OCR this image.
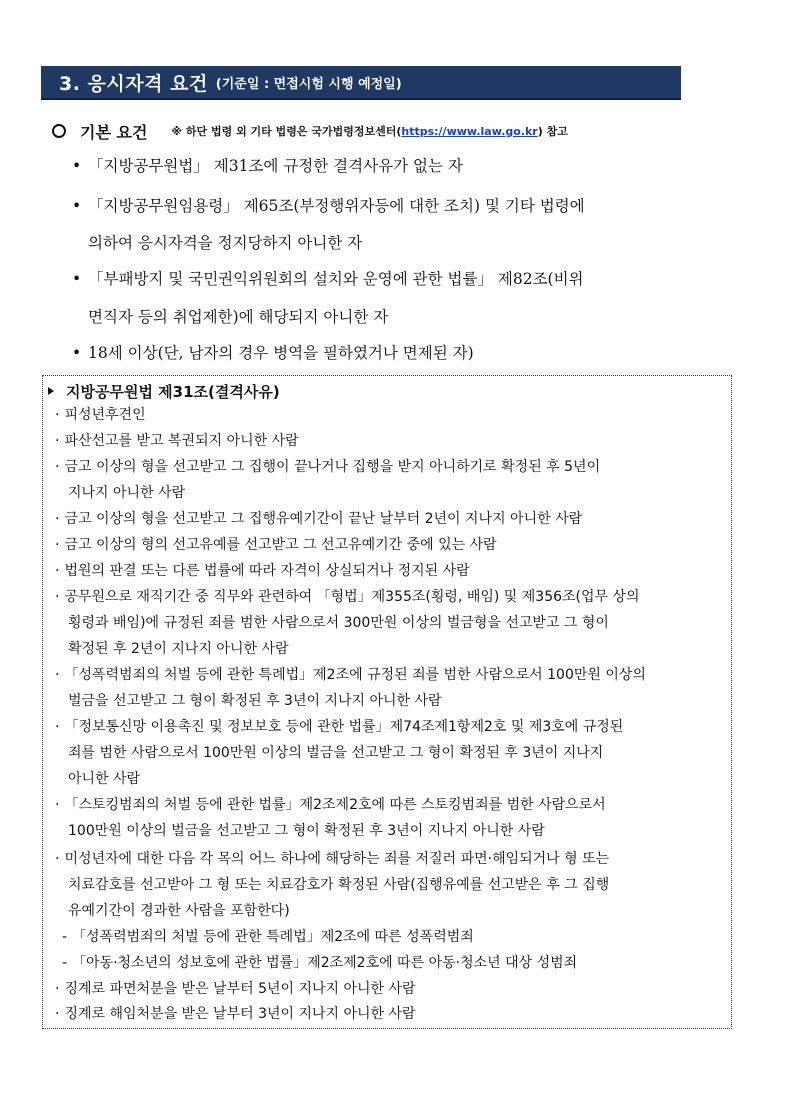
3. 응시자격 요건 (기준일 : 면접시험 시행 예정일)
기본 요건 ※ 하단 법령 외 기타 법령은 국가법령정보센터( https://www.law.go.kr ) 참고
• 「지방공무원법」 제31조에 규정한 결격사유가 없는 자
• 「지방공무원임용령」 제65조(부정행위자등에 대한 조치) 및 기타 법령에
의하여 응시자격을 정지당하지 아니한 자
• 「부패방지 및 국민권익위원회의 설치와 운영에 관한 법률」 제82조(비위
면직자 등의 취업제한)에 해당되지 아니한 자
• 18세 이상(단, 남자의 경우 병역을 필하였거나 면제된 자)
지방공무원법 제31조(결격사유)
· 피성년후견인
· 파산선고를 받고 복권되지 아니한 사람
· 금고 이상의 형을 선고받고 그 집행이 끝나거나 집행을 받지 아니하기로 확정된 후 5년이
지나지 아니한 사람
· 금고 이상의 형을 선고받고 그 집행유예기간이 끝난 날부터 2년이 지나지 아니한 사람
· 금고 이상의 형의 선고유예를 선고받고 그 선고유예기간 중에 있는 사람
· 법원의 판결 또는 다른 법률에 따라 자격이 상실되거나 정지된 사람
· 공무원으로 재직기간 중 직무와 관련하여 「형법」제355조(횡령, 배임) 및 제356조(업무 상의
횡령과 배임)에 규정된 죄를 범한 사람으로서 300만원 이상의 벌금형을 선고받고 그 형이
확정된 후 2년이 지나지 아니한 사람
· 「성폭력범죄의 처벌 등에 관한 특례법」제2조에 규정된 죄를 범한 사람으로서 100만원 이상의
벌금을 선고받고 그 형이 확정된 후 3년이 지나지 아니한 사람
· 「정보통신망 이용촉진 및 정보보호 등에 관한 법률」제74조제1항제2호 및 제3호에 규정된
죄를 범한 사람으로서 100만원 이상의 벌금을 선고받고 그 형이 확정된 후 3년이 지나지
아니한 사람
· 「스토킹범죄의 처벌 등에 관한 법률」제2조제2호에 따른 스토킹범죄를 범한 사람으로서
100만원 이상의 벌금을 선고받고 그 형이 확정된 후 3년이 지나지 아니한 사람
· 미성년자에 대한 다음 각 목의 어느 하나에 해당하는 죄를 저질러 파면·해임되거나 형 또는
치료감호를 선고받아 그 형 또는 치료감호가 확정된 사람(집행유예를 선고받은 후 그 집행
유예기간이 경과한 사람을 포함한다)
- 「성폭력범죄의 처벌 등에 관한 특례법」제2조에 따른 성폭력범죄
- 「아동·청소년의 성보호에 관한 법률」제2조제2호에 따른 아동·청소년 대상 성범죄
· 징계로 파면처분을 받은 날부터 5년이 지나지 아니한 사람
· 징계로 해임처분을 받은 날부터 3년이 지나지 아니한 사람
